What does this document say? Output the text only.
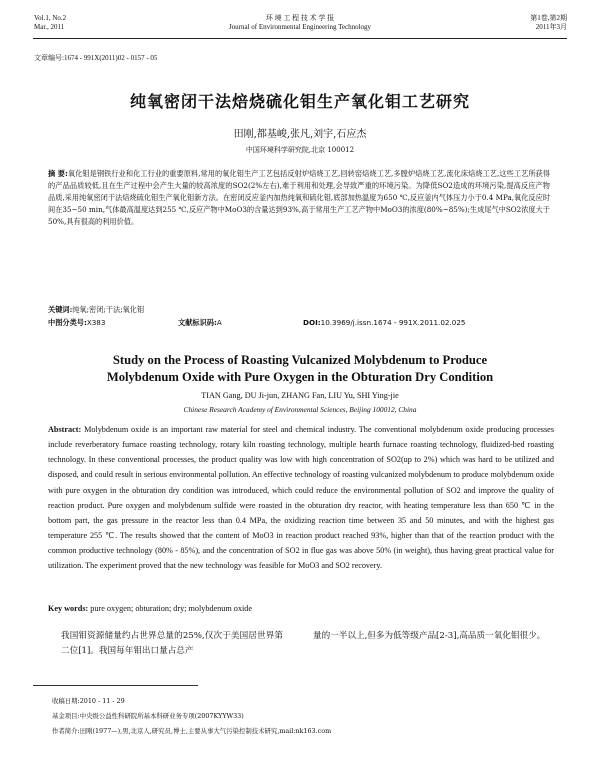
Vol.1, No.2
Mar., 2011
环 境 工 程 技 术 学 报
Journal of Environmental Engineering Technology
第1卷,第2期
2011年3月
文章编号:1674 - 991X(2011)02 - 0157 - 05
纯氧密闭干法焙烧硫化钼生产氧化钼工艺研究
田刚,都基峻,张凡,刘宇,石应杰
中国环境科学研究院,北京 100012
摘 要:氧化钼是钢铁行业和化工行业的重要原料,常用的氧化钼生产工艺包括反射炉焙烧工艺,回转窑焙烧工艺,多膛炉焙烧工艺,流化床焙烧工艺,这些工艺所获得的产品品质较低,且在生产过程中会产生大量的较高浓度的SO2(2%左右),难于利用和处理,会导致严重的环境污染。为降低SO2造成的环境污染,提高反应产物品质,采用纯氧密闭干法焙烧硫化钼生产氧化钼新方法。在密闭反应釜内加热纯氧和硫化钼,底部加热温度为650 ℃,反应釜内气体压力小于0.4 MPa,氧化反应时间在35~50 min,气体最高温度达到255 ℃,反应产物中MoO3的含量达到93%,高于常用生产工艺产物中MoO3的浓度(80%~85%);生成尾气中SO2浓度大于50%,具有很高的利用价值。
关键词:纯氧;密闭;干法;氧化钼
中图分类号:X383	文献标识码:A	DOI:10.3969/j.issn.1674 - 991X.2011.02.025
Study on the Process of Roasting Vulcanized Molybdenum to Produce
Molybdenum Oxide with Pure Oxygen in the Obturation Dry Condition
TIAN Gang, DU Ji-jun, ZHANG Fan, LIU Yu, SHI Ying-jie
Chinese Research Academy of Environmental Sciences, Beijing 100012, China
Abstract: Molybdenum oxide is an important raw material for steel and chemical industry. The conventional molybdenum oxide producing processes include reverberatory furnace roasting technology, rotary kiln roasting technology, multiple hearth furnace roasting technology, fluidized-bed roasting technology. In these conventional processes, the product quality was low with high concentration of SO2(up to 2%) which was hard to be utilized and disposed, and could result in serious environmental pollution. An effective technology of roasting vulcanized molybdenum to produce molybdenum oxide with pure oxygen in the obturation dry condition was introduced, which could reduce the environmental pollution of SO2 and improve the quality of reaction product. Pure oxygen and molybdenum sulfide were roasted in the obturation dry reactor, with heating temperature less than 650 ℃ in the bottom part, the gas pressure in the reactor less than 0.4 MPa, the oxidizing reaction time between 35 and 50 minutes, and with the highest gas temperature 255 ℃. The results showed that the content of MoO3 in reaction product reached 93%, higher than that of the reaction product with the common productive technology (80% - 85%), and the concentration of SO2 in flue gas was above 50% (in weight), thus having great practical value for utilization. The experiment proved that the new technology was feasible for MoO3 and SO2 recovery.
Key words: pure oxygen; obturation; dry; molybdenum oxide
我国钼资源储量约占世界总量的25%,仅次于美国居世界第二位[1]。我国每年钼出口量占总产
量的一半以上,但多为低等级产品[2-3],高品质一氧化钼很少。
收稿日期:2010 - 11 - 29
基金项目:中央级公益性科研院所基本科研业务专项(2007KYYW33)
作者简介:田刚(1977—),男,北京人,研究员,博士,主要从事大气污染控制技术研究,mail:nk163.com
